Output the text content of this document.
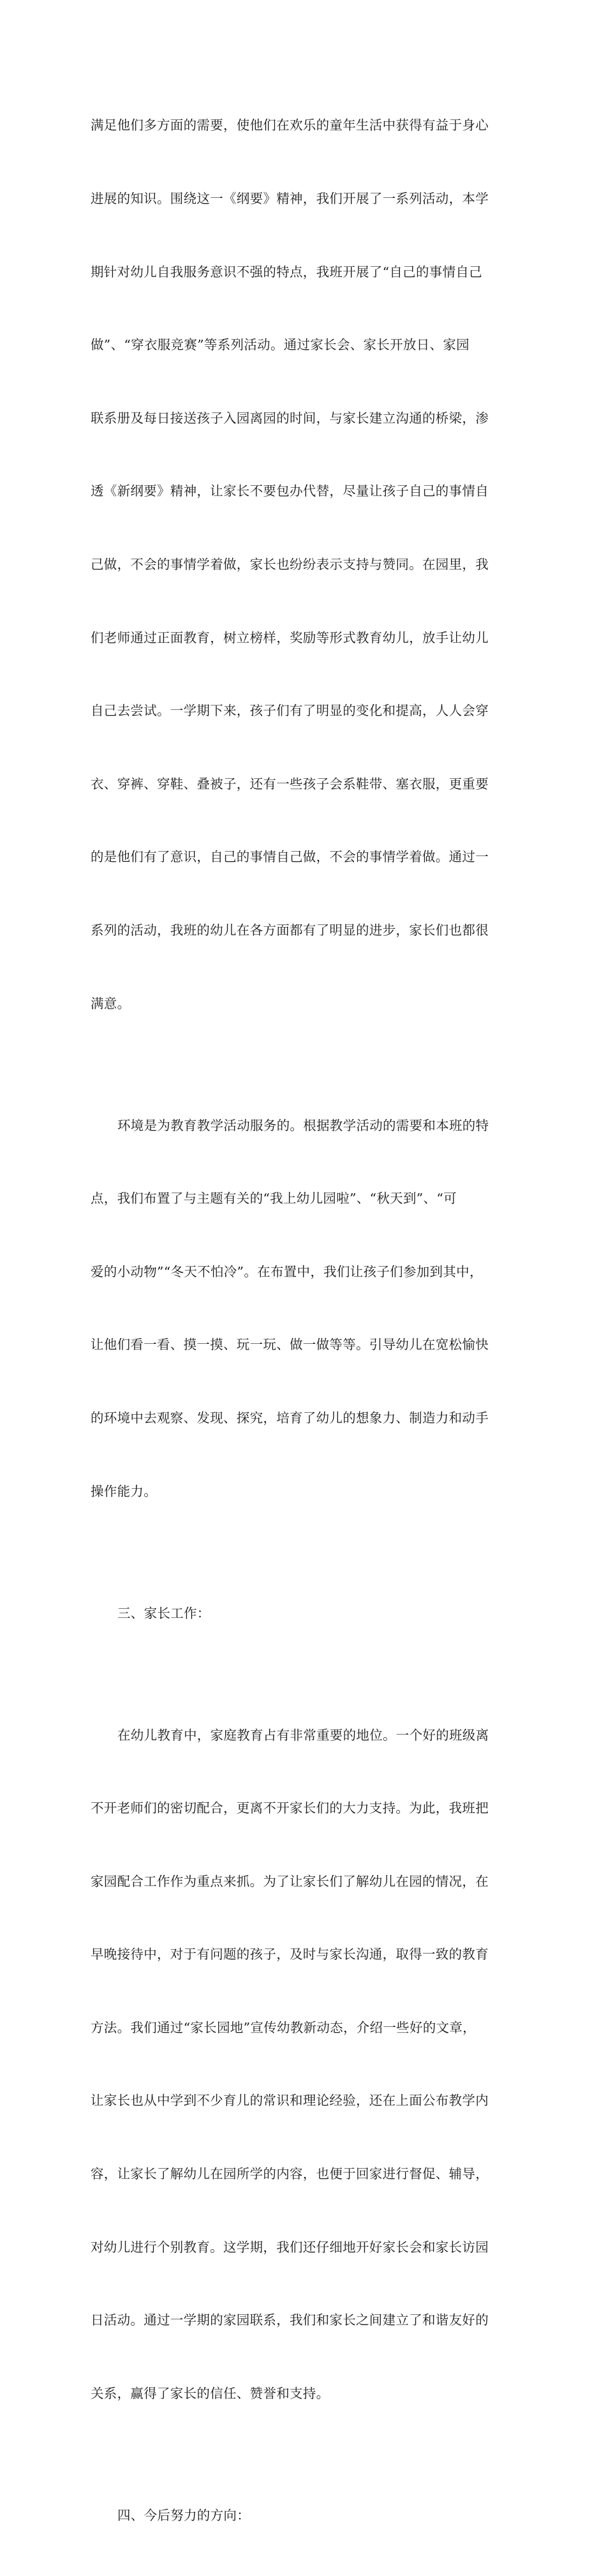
满足他们多方面的需要，使他们在欢乐的童年生活中获得有益于身心

进展的知识。围绕这一《纲要》精神，我们开展了一系列活动，本学

期针对幼儿自我服务意识不强的特点，我班开展了“自己的事情自己

做”、“穿衣服竞赛”等系列活动。通过家长会、家长开放日、家园

联系册及每日接送孩子入园离园的时间，与家长建立沟通的桥梁，渗

透《新纲要》精神，让家长不要包办代替，尽量让孩子自己的事情自

己做，不会的事情学着做，家长也纷纷表示支持与赞同。在园里，我

们老师通过正面教育，树立榜样，奖励等形式教育幼儿，放手让幼儿

自己去尝试。一学期下来，孩子们有了明显的变化和提高，人人会穿

衣、穿裤、穿鞋、叠被子，还有一些孩子会系鞋带、塞衣服，更重要

的是他们有了意识，自己的事情自己做，不会的事情学着做。通过一

系列的活动，我班的幼儿在各方面都有了明显的进步，家长们也都很

满意。

环境是为教育教学活动服务的。根据教学活动的需要和本班的特

点，我们布置了与主题有关的“我上幼儿园啦”、“秋天到”、“可

爱的小动物”“冬天不怕冷”。在布置中，我们让孩子们参加到其中，

让他们看一看、摸一摸、玩一玩、做一做等等。引导幼儿在宽松愉快

的环境中去观察、发现、探究，培育了幼儿的想象力、制造力和动手

操作能力。

三、家长工作：

在幼儿教育中，家庭教育占有非常重要的地位。一个好的班级离

不开老师们的密切配合，更离不开家长们的大力支持。为此，我班把

家园配合工作作为重点来抓。为了让家长们了解幼儿在园的情况，在

早晚接待中，对于有问题的孩子，及时与家长沟通，取得一致的教育

方法。我们通过“家长园地”宣传幼教新动态，介绍一些好的文章，

让家长也从中学到不少育儿的常识和理论经验，还在上面公布教学内

容，让家长了解幼儿在园所学的内容，也便于回家进行督促、辅导，

对幼儿进行个别教育。这学期，我们还仔细地开好家长会和家长访园

日活动。通过一学期的家园联系，我们和家长之间建立了和谐友好的

关系，赢得了家长的信任、赞誉和支持。

四、今后努力的方向：
